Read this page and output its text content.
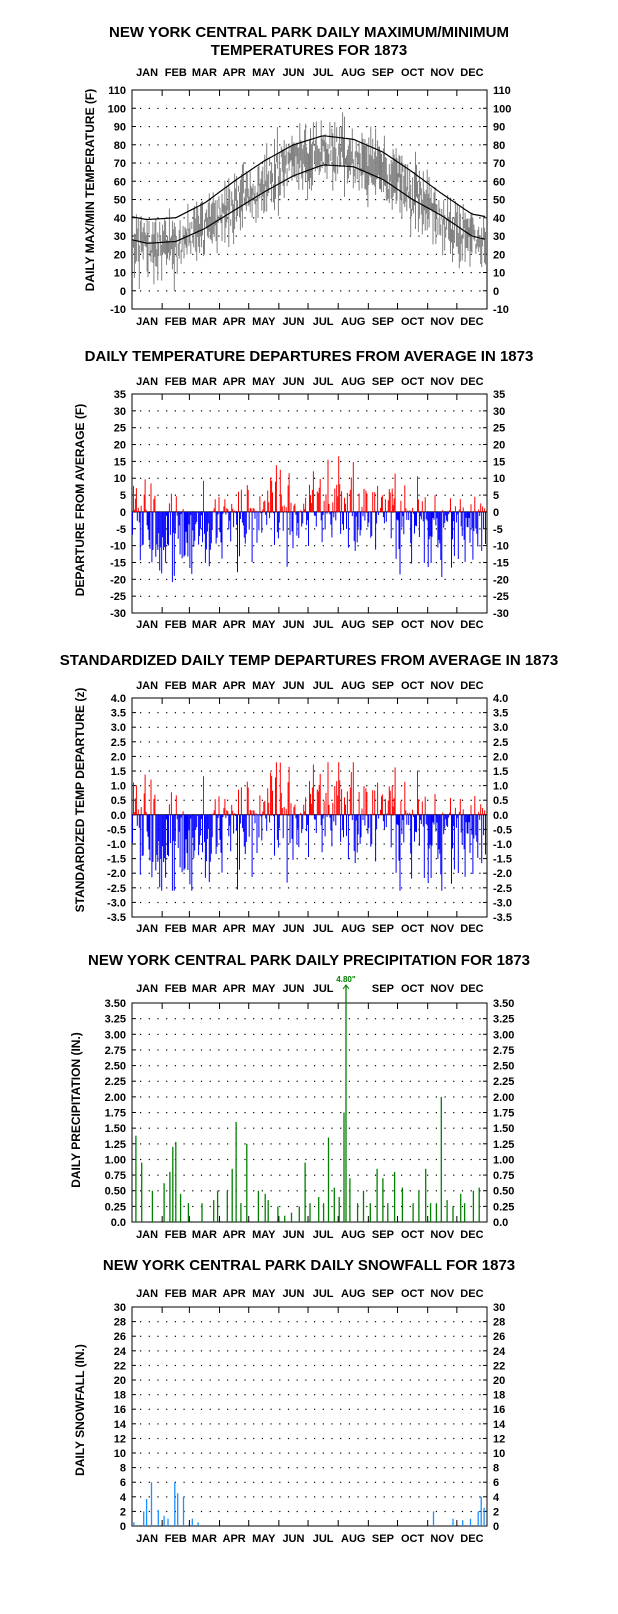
NEW YORK CENTRAL PARK DAILY MAXIMUM/MINIMUM
TEMPERATURES FOR 1873
DAILY MAX/MIN TEMPERATURE (F) 110	110
100	100
90	90
80	80
70	70
60	60
50	50
40	40
30	30
20	20
10	10
0	0
-10	-10
JAN
JAN
FEB
FEB
MAR
MAR
APR
APR
MAY
MAY
JUN
JUN
JUL
JUL
AUG
AUG
SEP
SEP
OCT
OCT
NOV
NOV
DEC
DEC
DAILY TEMPERATURE DEPARTURES FROM AVERAGE IN 1873
DEPARTURE FROM AVERAGE (F)
35	35
30	30
25	25
20	20
15	15
10	10
5	5
0	0
-5	-5
-10	-10
-15	-15
-20	-20
-25	-25
-30	-30
JAN
JAN
FEB
FEB
MAR
MAR
APR
APR
MAY
MAY
JUN
JUN
JUL
JUL
AUG
AUG
SEP
SEP
OCT
OCT
NOV
NOV
DEC
DEC
STANDARDIZED DAILY TEMP DEPARTURES FROM AVERAGE IN 1873
STANDARDIZED TEMP DEPARTURE (z) 4.0	4.0
3.5	3.5
3.0	3.0
2.5	2.5
2.0	2.0
1.5	1.5
1.0	1.0
0.5	0.5
0.0	0.0
-0.5	-0.5
-1.0	-1.0
-1.5	-1.5
-2.0	-2.0
-2.5	-2.5
-3.0	-3.0
-3.5	-3.5
JAN
JAN
FEB
FEB
MAR
MAR
APR
APR
MAY
MAY
JUN
JUN
JUL
JUL
AUG
AUG
SEP
SEP
OCT
OCT
NOV
NOV
DEC
DEC
NEW YORK CENTRAL PARK DAILY PRECIPITATION FOR 1873
DAILY PRECIPITATION (IN.)
3.50	3.50
3.25	3.25
3.00	3.00
2.75	2.75
2.50	2.50
2.25	2.25
2.00	2.00
1.75	1.75
1.50	1.50
1.25	1.25
1.00	1.00
0.75	0.75
0.50	0.50
0.25	0.25
0.0	0.0
JAN
JAN
FEB
FEB
MAR
MAR
APR
APR
MAY
MAY
JUN
JUN
JUL
JUL AUG
SEP
SEP
OCT
OCT
NOV
NOV
DEC
DEC
4.80"
NEW YORK CENTRAL PARK DAILY SNOWFALL FOR 1873
DAILY SNOWFALL (IN.)
30	30
28	28
26	26
24	24
22	22
20	20
18	18
16	16
14	14
12	12
10	10
8	8
6	6
4	4
2	2
0	0
JAN
JAN
FEB
FEB
MAR
MAR
APR
APR
MAY
MAY
JUN
JUN
JUL
JUL
AUG
AUG
SEP
SEP
OCT
OCT
NOV
NOV
DEC
DEC
